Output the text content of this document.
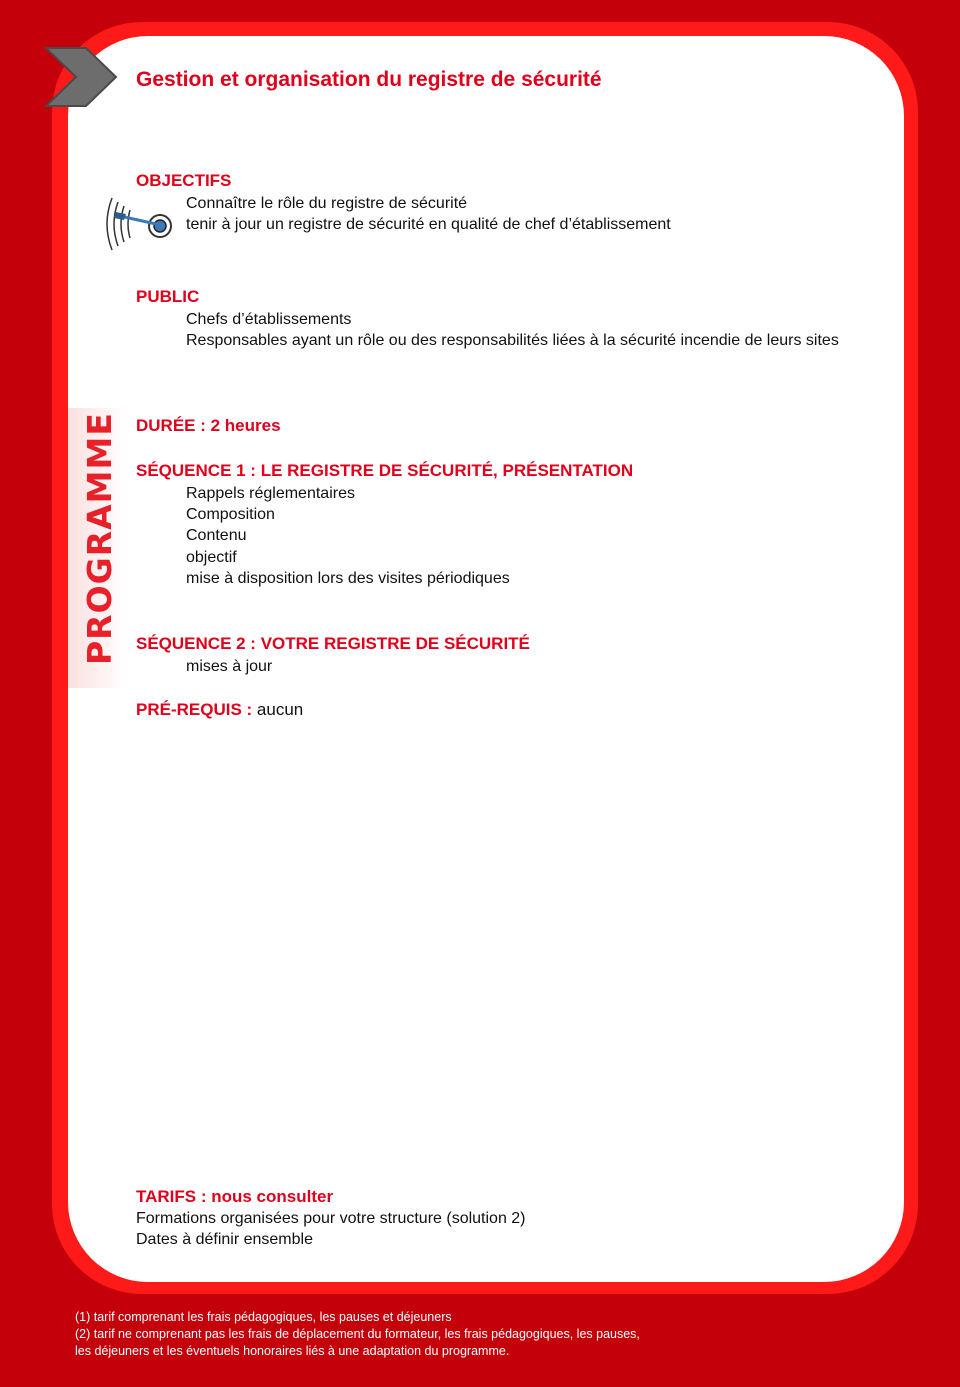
Gestion et organisation du registre de sécurité
PROGRAMME
OBJECTIFS

Connaître le rôle du registre de sécurité

tenir à jour un registre de sécurité en qualité de chef d’établissement

PUBLIC

Chefs d’établissements

Responsables ayant un rôle ou des responsabilités liées à la sécurité incendie de leurs sites

DURÉE : 2 heures
SÉQUENCE 1 : LE REGISTRE DE SÉCURITÉ, PRÉSENTATION

Rappels réglementaires

Composition

Contenu

objectif

mise à disposition lors des visites périodiques

SÉQUENCE 2 : VOTRE REGISTRE DE SÉCURITÉ

mises à jour

PRÉ-REQUIS : aucun
TARIFS : nous consulter

Formations organisées pour votre structure (solution 2)

Dates à définir ensemble

(1) tarif comprenant les frais pédagogiques, les pauses et déjeuners

(2) tarif ne comprenant pas les frais de déplacement du formateur, les frais pédagogiques, les pauses,

les déjeuners et les éventuels honoraires liés à une adaptation du programme.
